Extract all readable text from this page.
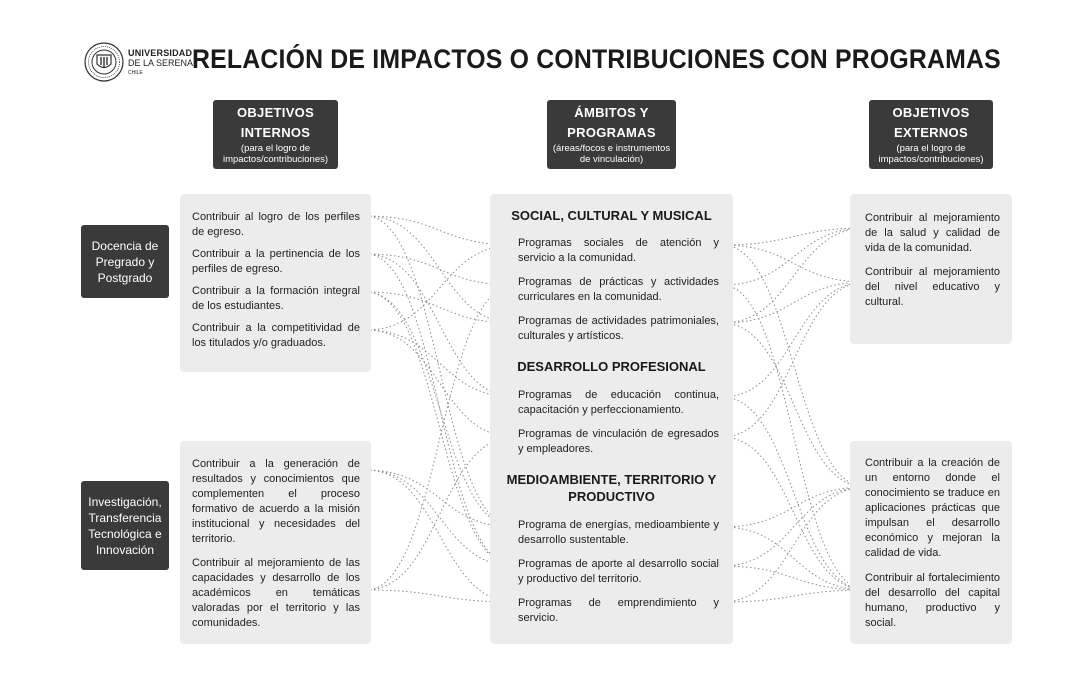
UNIVERSIDAD
DE LA SERENA
CHILE	RELACIÓN DE IMPACTOS O CONTRIBUCIONES CON PROGRAMAS
OBJETIVOS
INTERNOS
(para el logro de
impactos/contribuciones)
ÁMBITOS Y
PROGRAMAS
(áreas/focos e instrumentos
de vinculación)
OBJETIVOS
EXTERNOS
(para el logro de
impactos/contribuciones)
Docencia de
Pregrado y
Postgrado
Investigación,
Transferencia
Tecnológica e
Innovación
Contribuir al logro de los perfiles de egreso.
Contribuir a la pertinencia de los perfiles de egreso.
Contribuir a la formación integral de los estudiantes.
Contribuir a la competitividad de los titulados y/o graduados.
Contribuir a la generación de resultados y conocimientos que complementen el proceso formativo de acuerdo a la misión institucional y necesidades del territorio.
Contribuir al mejoramiento de las capacidades y desarrollo de los académicos en temáticas valoradas por el territorio y las comunidades.
SOCIAL, CULTURAL Y MUSICAL
Programas sociales de atención y servicio a la comunidad.
Programas de prácticas y actividades curriculares en la comunidad.
Programas de actividades patrimoniales, culturales y artísticos.
DESARROLLO PROFESIONAL
Programas de educación continua, capacitación y perfeccionamiento.
Programas de vinculación de egresados y empleadores.
MEDIOAMBIENTE, TERRITORIO Y
PRODUCTIVO
Programa de energías, medioambiente y desarrollo sustentable.
Programas de aporte al desarrollo social y productivo del territorio.
Programas de emprendimiento y servicio.
Contribuir al mejoramiento de la salud y calidad de vida de la comunidad.
Contribuir al mejoramiento del nivel educativo y cultural.
Contribuir a la creación de un entorno donde el conocimiento se traduce en aplicaciones prácticas que impulsan el desarrollo económico y mejoran la calidad de vida.
Contribuir al fortalecimiento del desarrollo del capital humano, productivo y social.
